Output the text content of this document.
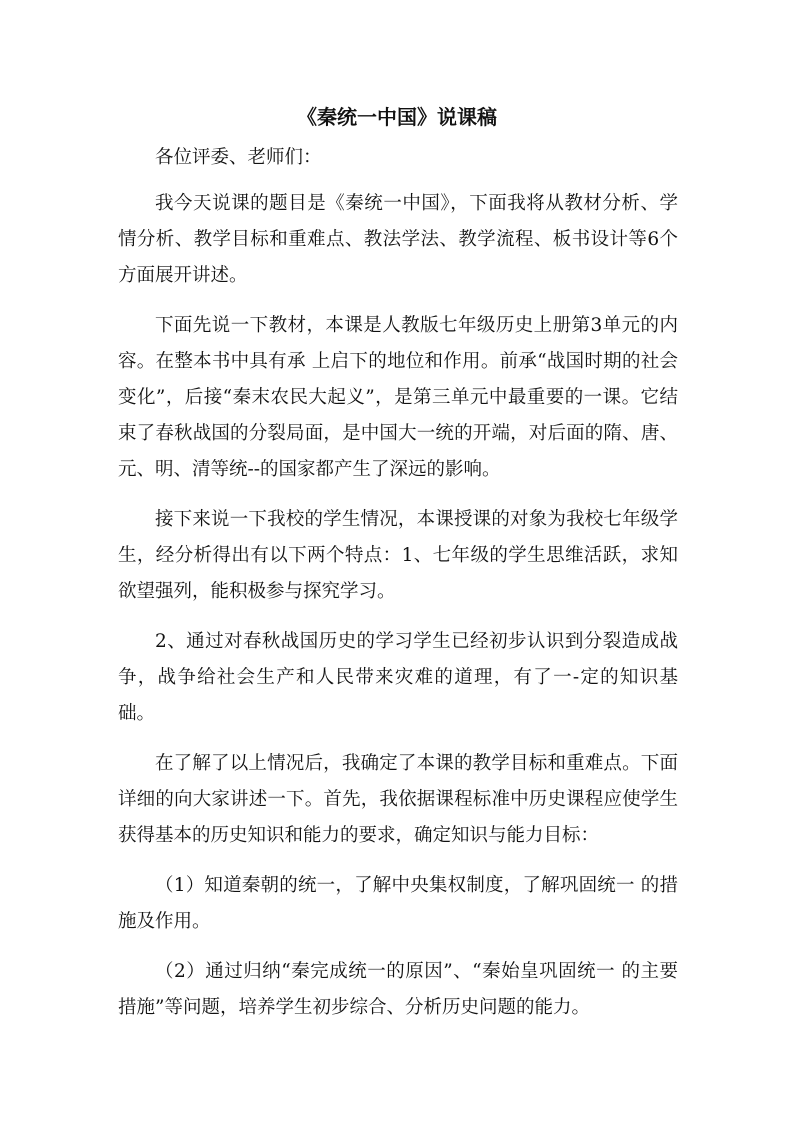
《秦统一中国》说课稿

各位评委、老师们：

我今天说课的题目是《秦统一中国》，下面我将从教材分析、学情分析、教学目标和重难点、教法学法、教学流程、板书设计等6个方面展开讲述。

下面先说一下教材，本课是人教版七年级历史上册第3单元的内容。在整本书中具有承 上启下的地位和作用。前承“战国时期的社会变化”，后接“秦末农民大起义”，是第三单元中最重要的一课。它结束了春秋战国的分裂局面，是中国大一统的开端，对后面的隋、唐、元、明、清等统--的国家都产生了深远的影响。

接下来说一下我校的学生情况，本课授课的对象为我校七年级学生，经分析得出有以下两个特点：1、七年级的学生思维活跃，求知欲望强列，能积极参与探究学习。

2、通过对春秋战国历史的学习学生已经初步认识到分裂造成战争，战争给社会生产和人民带来灾难的道理，有了一-定的知识基础。

在了解了以上情况后，我确定了本课的教学目标和重难点。下面详细的向大家讲述一下。首先，我依据课程标准中历史课程应使学生获得基本的历史知识和能力的要求，确定知识与能力目标：

（1）知道秦朝的统一，了解中央集权制度，了解巩固统一 的措施及作用。

（2）通过归纳“秦完成统一的原因”、“秦始皇巩固统一 的主要措施”等问题，培养学生初步综合、分析历史问题的能力。
